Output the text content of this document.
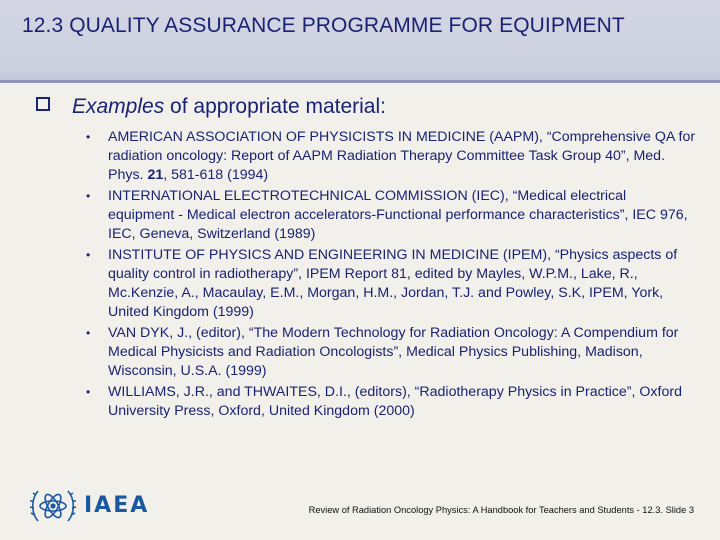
12.3 QUALITY ASSURANCE PROGRAMME FOR EQUIPMENT
Examples of appropriate material:
• AMERICAN ASSOCIATION OF PHYSICISTS IN MEDICINE (AAPM), “Comprehensive QA for radiation oncology: Report of AAPM Radiation Therapy Committee Task Group 40”, Med. Phys. 21, 581-618 (1994)
• INTERNATIONAL ELECTROTECHNICAL COMMISSION (IEC), “Medical electrical equipment - Medical electron accelerators-Functional performance characteristics”, IEC 976, IEC, Geneva, Switzerland (1989)
• INSTITUTE OF PHYSICS AND ENGINEERING IN MEDICINE (IPEM), “Physics aspects of quality control in radiotherapy”, IPEM Report 81, edited by Mayles, W.P.M., Lake, R., Mc.Kenzie, A., Macaulay, E.M., Morgan, H.M., Jordan, T.J. and Powley, S.K, IPEM, York, United Kingdom (1999)
• VAN DYK, J., (editor), “The Modern Technology for Radiation Oncology: A Compendium for Medical Physicists and Radiation Oncologists”, Medical Physics Publishing, Madison, Wisconsin, U.S.A. (1999)
• WILLIAMS, J.R., and THWAITES, D.I., (editors), “Radiotherapy Physics in Practice”, Oxford University Press, Oxford, United Kingdom (2000)
IAEA	Review of Radiation Oncology Physics: A Handbook for Teachers and Students - 12.3. Slide 3
